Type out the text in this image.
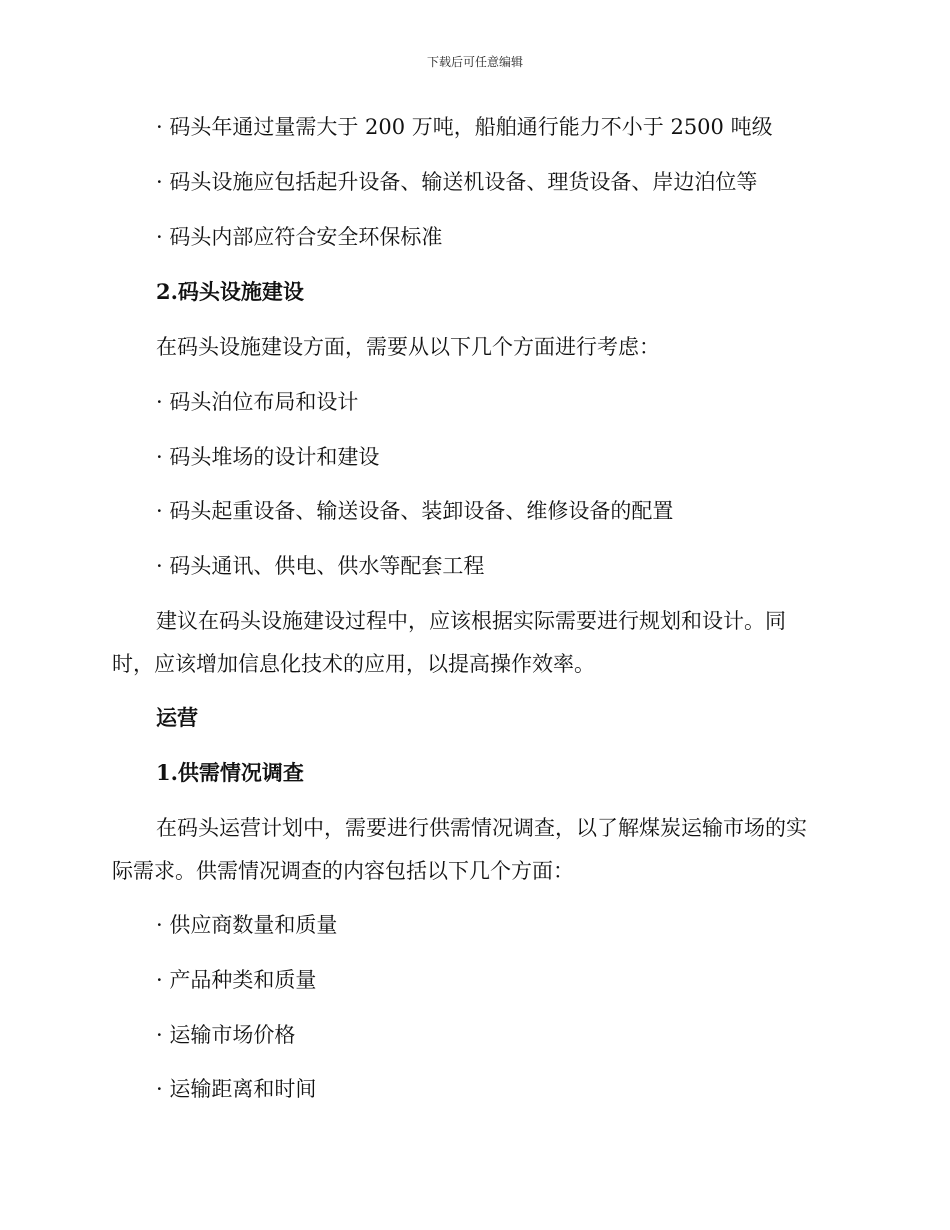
下载后可任意编辑
· 码头年通过量需大于 200 万吨，船舶通行能力不小于 2500 吨级
· 码头设施应包括起升设备、输送机设备、理货设备、岸边泊位等
· 码头内部应符合安全环保标准
2.码头设施建设
在码头设施建设方面，需要从以下几个方面进行考虑：
· 码头泊位布局和设计
· 码头堆场的设计和建设
· 码头起重设备、输送设备、装卸设备、维修设备的配置
· 码头通讯、供电、供水等配套工程
建议在码头设施建设过程中，应该根据实际需要进行规划和设计。同
时，应该增加信息化技术的应用，以提高操作效率。
运营
1.供需情况调查
在码头运营计划中，需要进行供需情况调查，以了解煤炭运输市场的实
际需求。供需情况调查的内容包括以下几个方面：
· 供应商数量和质量
· 产品种类和质量
· 运输市场价格
· 运输距离和时间
